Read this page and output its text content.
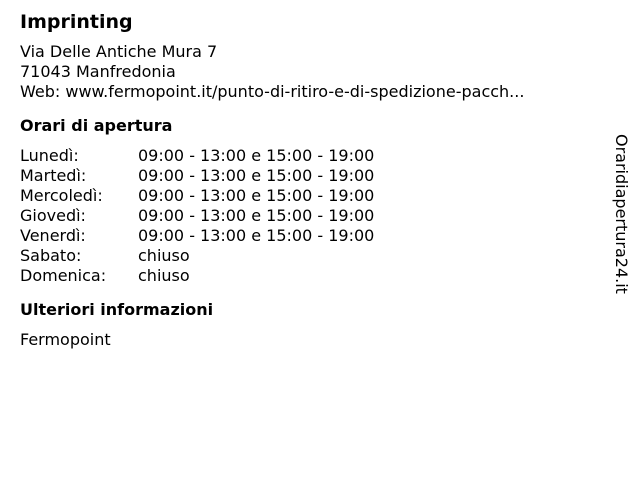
Imprinting
Via Delle Antiche Mura 7
71043 Manfredonia
Web: www.fermopoint.it/punto-di-ritiro-e-di-spedizione-pacch...
Orari di apertura
Lunedì:	09:00 - 13:00 e 15:00 - 19:00
Martedì:	09:00 - 13:00 e 15:00 - 19:00
Mercoledì:	09:00 - 13:00 e 15:00 - 19:00
Giovedì:	09:00 - 13:00 e 15:00 - 19:00
Venerdì:	09:00 - 13:00 e 15:00 - 19:00
Sabato:	chiuso
Domenica:	chiuso
Ulteriori informazioni
Fermopoint
Oraridiapertura24.it
